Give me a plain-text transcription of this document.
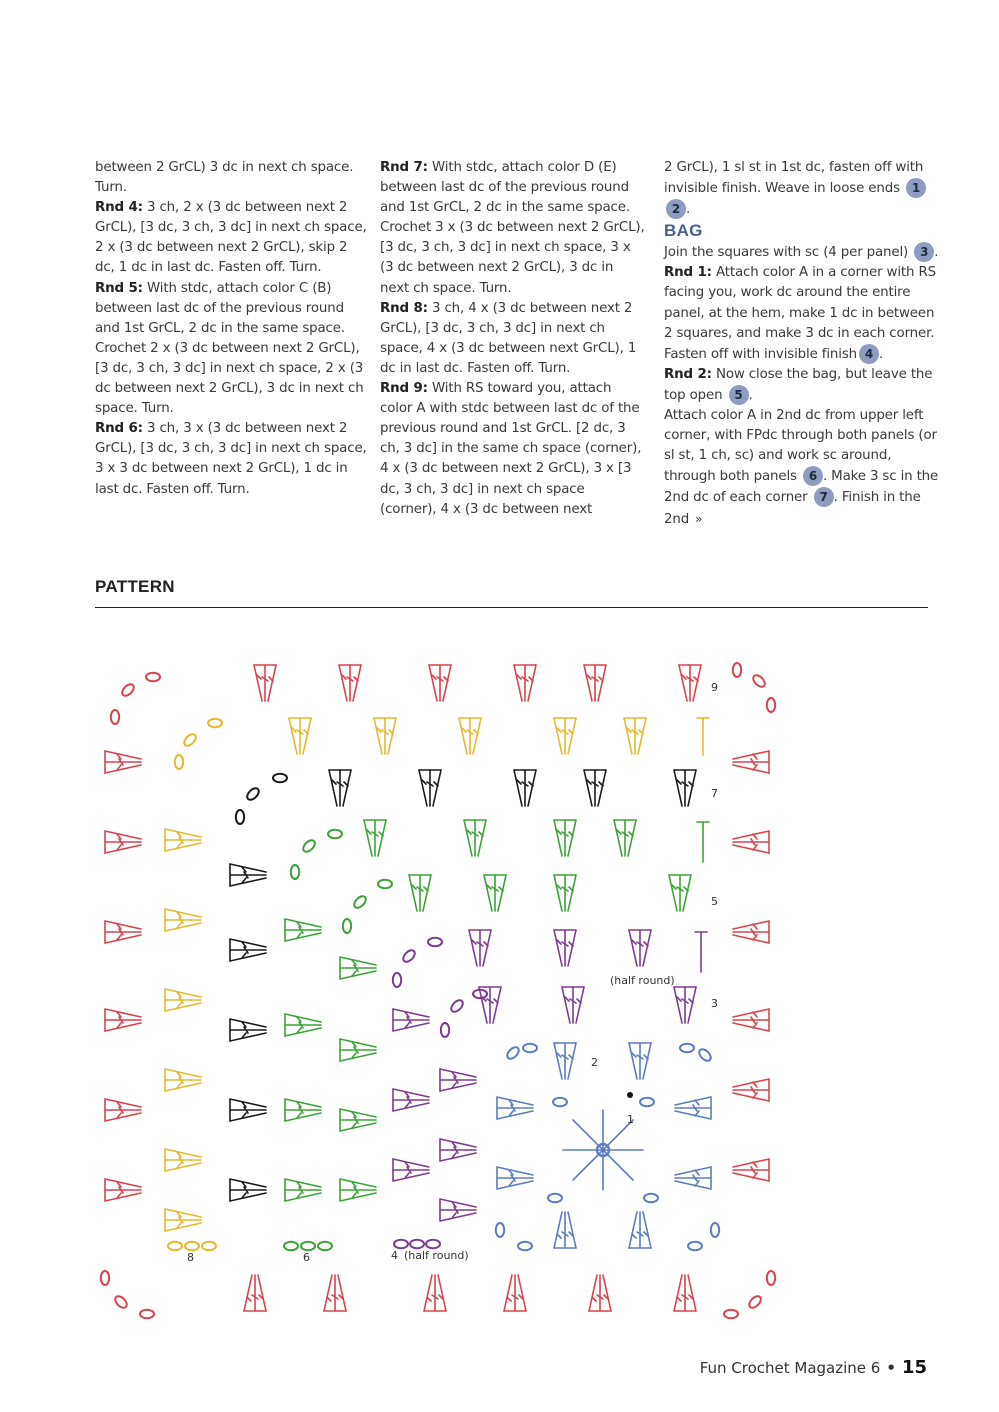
between 2 GrCL) 3 dc in next ch space. Turn.

Rnd 4: 3 ch, 2 x (3 dc between next 2 GrCL), [3 dc, 3 ch, 3 dc] in next ch space, 2 x (3 dc between next 2 GrCL), skip 2 dc, 1 dc in last dc. Fasten off. Turn.

Rnd 5: With stdc, attach color C (B) between last dc of the previous round and 1st GrCL, 2 dc in the same space. Crochet 2 x (3 dc between next 2 GrCL), [3 dc, 3 ch, 3 dc] in next ch space, 2 x (3 dc between next 2 GrCL), 3 dc in next ch space. Turn.

Rnd 6: 3 ch, 3 x (3 dc between next 2 GrCL), [3 dc, 3 ch, 3 dc] in next ch space, 3 x 3 dc between next 2 GrCL), 1 dc in last dc. Fasten off. Turn.

Rnd 7: With stdc, attach color D (E) between last dc of the previous round and 1st GrCL, 2 dc in the same space. Crochet 3 x (3 dc between next 2 GrCL), [3 dc, 3 ch, 3 dc] in next ch space, 3 x (3 dc between next 2 GrCL), 3 dc in next ch space. Turn.

Rnd 8: 3 ch, 4 x (3 dc between next 2 GrCL), [3 dc, 3 ch, 3 dc] in next ch space, 4 x (3 dc between next GrCL), 1 dc in last dc. Fasten off. Turn.

Rnd 9: With RS toward you, attach color A with stdc between last dc of the previous round and 1st GrCL. [2 dc, 3 ch, 3 dc] in the same ch space (corner), 4 x (3 dc between next 2 GrCL), 3 x [3 dc, 3 ch, 3 dc] in next ch space (corner), 4 x (3 dc between next

2 GrCL), 1 sl st in 1st dc, fasten off with invisible finish. Weave in loose ends 12 .

BAG

Join the squares with sc (4 per panel) 3 .

Rnd 1: Attach color A in a corner with RS facing you, work dc around the entire panel, at the hem, make 1 dc in between 2 squares, and make 3 dc in each corner. Fasten off with invisible finish 4 .

Rnd 2: Now close the bag, but leave the top open 5 .

Attach color A in 2nd dc from upper left corner, with FPdc through both panels (or sl st, 1 ch, sc) and work sc around, through both panels 6 . Make 3 sc in the 2nd dc of each corner 7 . Finish in the 2nd »

PATTERN
9
7
5
3
2
1
8	6	4
(half round)
(half round)
Fun Crochet Magazine 6 • 15
